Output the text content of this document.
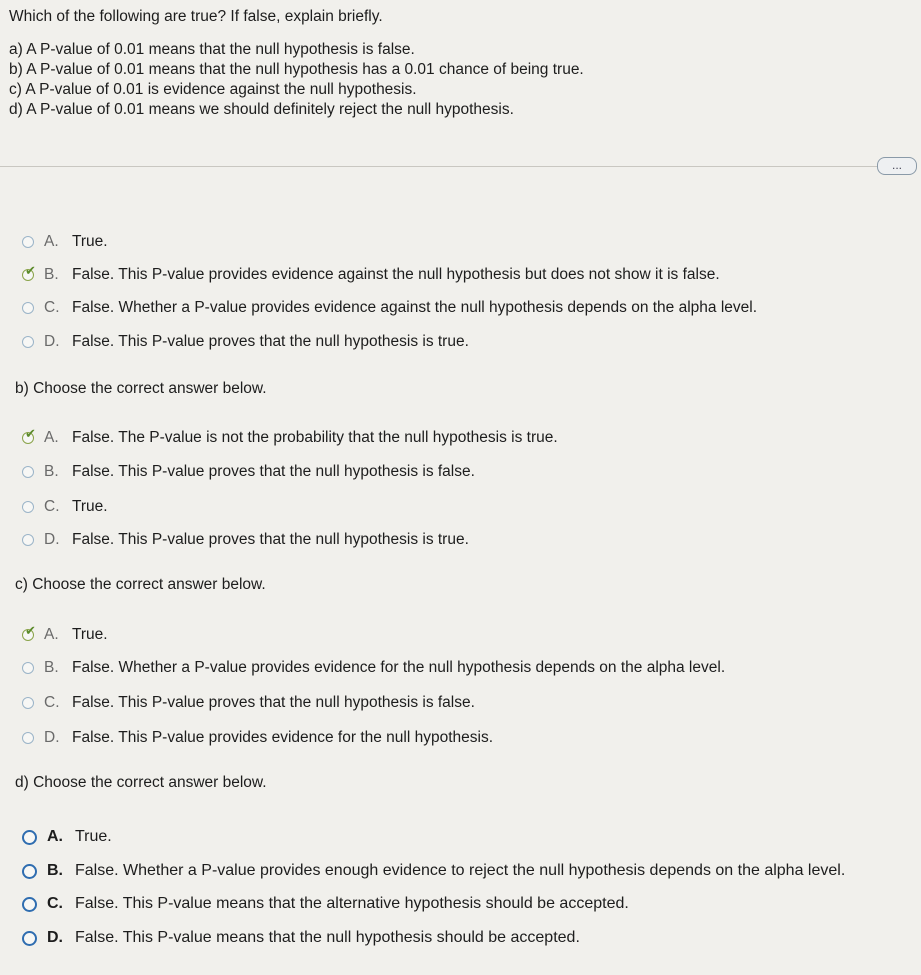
Which of the following are true? If false, explain briefly.
a) A P-value of 0.01 means that the null hypothesis is false.
b) A P-value of 0.01 means that the null hypothesis has a 0.01 chance of being true.
c) A P-value of 0.01 is evidence against the null hypothesis.
d) A P-value of 0.01 means we should definitely reject the null hypothesis.
...
A. True.
✔
B. False. This P-value provides evidence against the null hypothesis but does not show it is false.
C. False. Whether a P-value provides evidence against the null hypothesis depends on the alpha level.
D. False. This P-value proves that the null hypothesis is true.
b) Choose the correct answer below.
✔
A. False. The P-value is not the probability that the null hypothesis is true.
B. False. This P-value proves that the null hypothesis is false.
C. True.
D. False. This P-value proves that the null hypothesis is true.
c) Choose the correct answer below.
✔
A. True.
B. False. Whether a P-value provides evidence for the null hypothesis depends on the alpha level.
C. False. This P-value proves that the null hypothesis is false.
D. False. This P-value provides evidence for the null hypothesis.
d) Choose the correct answer below.
A. True.
B. False. Whether a P-value provides enough evidence to reject the null hypothesis depends on the alpha level.
C. False. This P-value means that the alternative hypothesis should be accepted.
D. False. This P-value means that the null hypothesis should be accepted.
